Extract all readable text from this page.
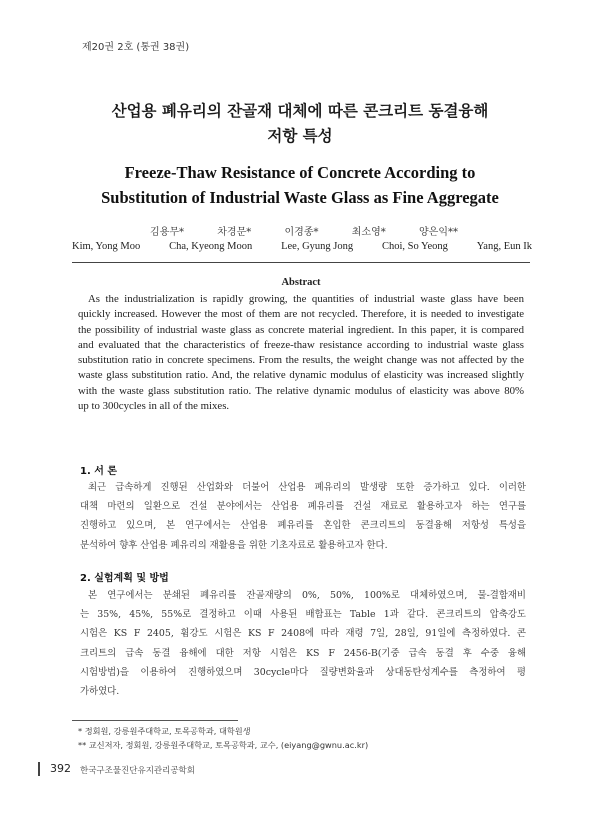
제20권 2호 (통권 38권)
산업용 폐유리의 잔골재 대체에 따른 콘크리트 동결융해
저항 특성
Freeze-Thaw Resistance of Concrete According to
Substitution of Industrial Waste Glass as Fine Aggregate
김용무*	차경문*	이경종*	최소영*	양은익**
Kim, Yong Moo	Cha, Kyeong Moon	Lee, Gyung Jong	Choi, So Yeong	Yang, Eun Ik
Abstract
As the industrialization is rapidly growing, the quantities of industrial waste glass have been
quickly increased. However the most of them are not recycled. Therefore, it is needed to investigate
the possibility of industrial waste glass as concrete material ingredient. In this paper, it is compared
and evaluated that the characteristics of freeze-thaw resistance according to industrial waste glass
substitution ratio in concrete specimens. From the results, the weight change was not affected by the
waste glass substitution ratio. And, the relative dynamic modulus of elasticity was increased slightly
with the waste glass substitution ratio. The relative dynamic modulus of elasticity was above 80%
up to 300cycles in all of the mixes.
1. 서 론
최근 급속하게 진행된 산업화와 더불어 산업용 폐유리의 발생량 또한 증가하고 있다. 이러한
대책 마련의 일환으로 건설 분야에서는 산업용 폐유리를 건설 재료로 활용하고자 하는 연구를
진행하고 있으며, 본 연구에서는 산업용 폐유리를 혼입한 콘크리트의 동결융해 저항성 특성을
분석하여 향후 산업용 폐유리의 재활용을 위한 기초자료로 활용하고자 한다.
2. 실험계획 및 방법
본 연구에서는 분쇄된 폐유리를 잔골재량의 0%, 50%, 100%로 대체하였으며, 물-결합재비
는 35%, 45%, 55%로 결정하고 이때 사용된 배합표는 Table 1과 같다. 콘크리트의 압축강도
시험은 KS F 2405, 휨강도 시험은 KS F 2408에 따라 재령 7일, 28일, 91일에 측정하였다. 콘
크리트의 급속 동결 융해에 대한 저항 시험은 KS F 2456-B(기중 급속 동결 후 수중 융해
시험방법)을 이용하여 진행하였으며 30cycle마다 질량변화율과 상대동탄성계수를 측정하여 평
가하였다.
* 정회원, 강릉원주대학교, 토목공학과, 대학원생
** 교신저자, 정회원, 강릉원주대학교, 토목공학과, 교수, (eiyang@gwnu.ac.kr)
392 한국구조물진단유지관리공학회
